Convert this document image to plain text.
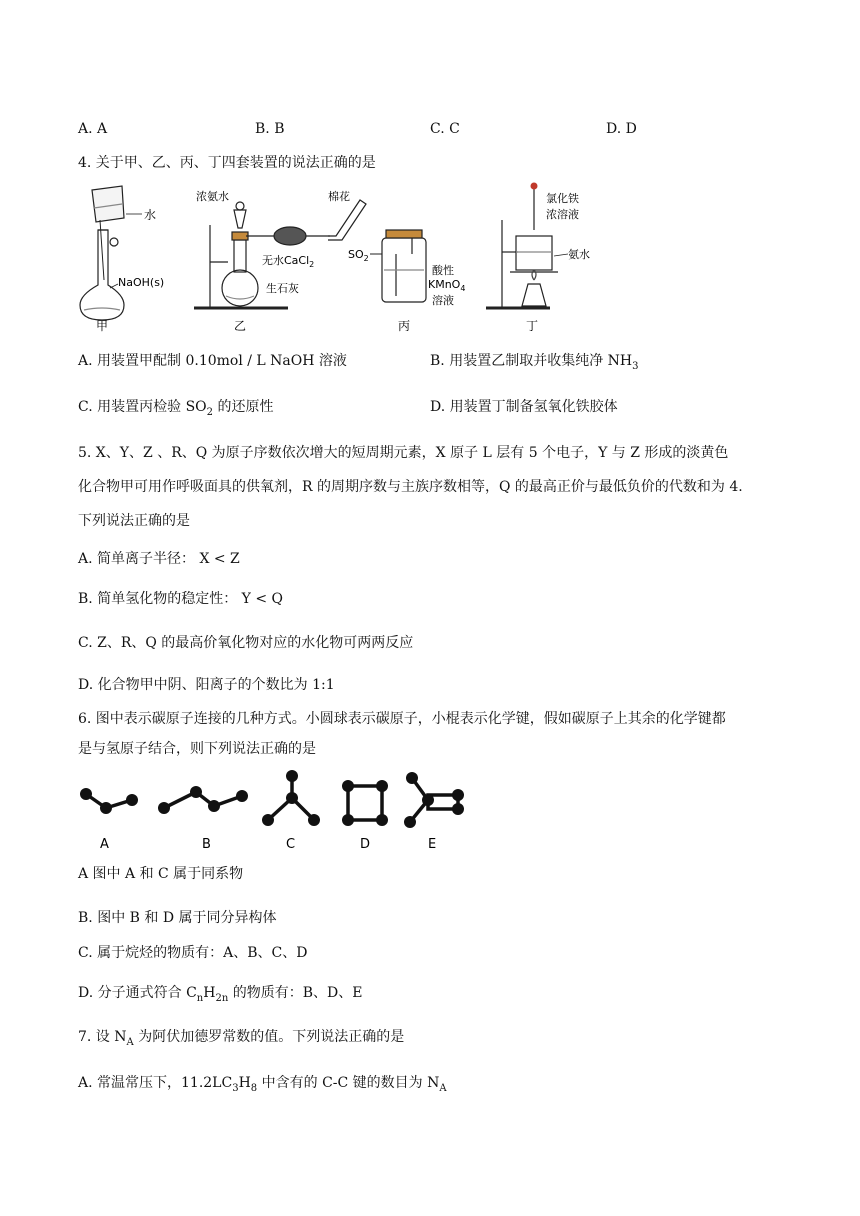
A. A	B. B	C. C	D. D
4. 关于甲、乙、丙、丁四套装置的说法正确的是
水
NaOH(s)
浓氨水	棉花
无水CaCl$_2$
生石灰
$SO_2$
酸性
KMnO$_4$
溶液
氯化铁
浓溶液
氨水
甲	乙	丙	丁
A. 用装置甲配制 0.10mol / L NaOH 溶液	B. 用装置乙制取并收集纯净 $NH_3$
C. 用装置丙检验 $SO_2$ 的还原性	D. 用装置丁制备氢氧化铁胶体
5. X、Y、Z 、R、Q 为原子序数依次增大的短周期元素，X 原子 L 层有 5 个电子，Y 与 Z 形成的淡黄色
化合物甲可用作呼吸面具的供氧剂，R 的周期序数与主族序数相等，Q 的最高正价与最低负价的代数和为 4.
下列说法正确的是
A. 简单离子半径： X < Z
B. 简单氢化物的稳定性： Y < Q
C. Z、R、Q 的最高价氧化物对应的水化物可两两反应
D. 化合物甲中阴、阳离子的个数比为 1:1
6. 图中表示碳原子连接的几种方式。小圆球表示碳原子，小棍表示化学键，假如碳原子上其余的化学键都
是与氢原子结合，则下列说法正确的是
A	B	C	D	E
A 图中 A 和 C 属于同系物
B. 图中 B 和 D 属于同分异构体
C. 属于烷烃的物质有：A、B、C、D
D. 分子通式符合 $C_nH_{2n}$ 的物质有：B、D、E
7. 设 $N_A$ 为阿伏加德罗常数的值。下列说法正确的是
A. 常温常压下，$11.2LC_3H_8$ 中含有的 C-C 键的数目为 $N_A$
